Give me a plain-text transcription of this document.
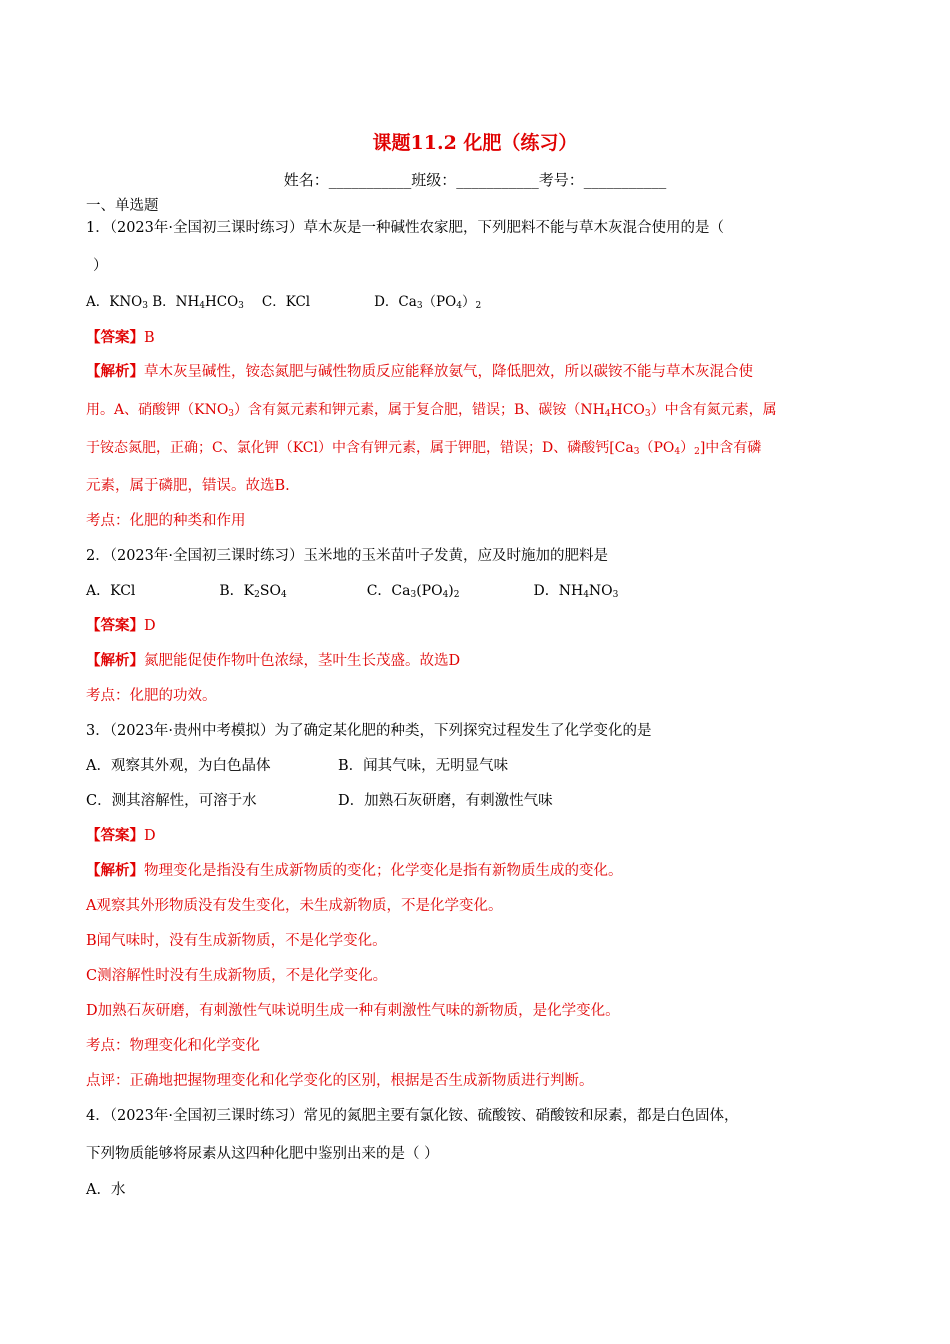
课题11.2 化肥（练习）
姓名：___________班级：___________考号：___________
一、单选题
1．（2023年·全国初三课时练习）草木灰是一种碱性农家肥，下列肥料不能与草木灰混合使用的是（
）
A．$KNO_3$ B．$NH_4HCO_3$ C．KCl	D．$Ca_3(PO_4)_2$
【答案】B
【解析】草木灰呈碱性，铵态氮肥与碱性物质反应能释放氨气，降低肥效，所以碳铵不能与草木灰混合使
用。A、硝酸钾$(KNO_3)$含有氮元素和钾元素，属于复合肥，错误；B、碳铵$(NH_4HCO_3)$中含有氮元素，属
于铵态氮肥，正确；C、氯化钾（KCl）中含有钾元素，属于钾肥，错误；D、磷酸钙$[Ca_3(PO_4)_2]$中含有磷
元素，属于磷肥，错误。故选B.
考点：化肥的种类和作用
2．（2023年·全国初三课时练习）玉米地的玉米苗叶子发黄，应及时施加的肥料是
A．KCl	B．$K_2SO_4$	C．$Ca_3(PO_4)_2$	D．$NH_4NO_3$
【答案】D
【解析】氮肥能促使作物叶色浓绿，茎叶生长茂盛。故选D
考点：化肥的功效。
3．（2023年·贵州中考模拟）为了确定某化肥的种类，下列探究过程发生了化学变化的是
A．观察其外观，为白色晶体	B．闻其气味，无明显气味
C．测其溶解性，可溶于水	D．加熟石灰研磨，有刺激性气味
【答案】D
【解析】物理变化是指没有生成新物质的变化；化学变化是指有新物质生成的变化。
A观察其外形物质没有发生变化，未生成新物质，不是化学变化。
B闻气味时，没有生成新物质，不是化学变化。
C测溶解性时没有生成新物质，不是化学变化。
D加熟石灰研磨，有刺激性气味说明生成一种有刺激性气味的新物质，是化学变化。
考点：物理变化和化学变化
点评：正确地把握物理变化和化学变化的区别，根据是否生成新物质进行判断。
4．（2023年·全国初三课时练习）常见的氮肥主要有氯化铵、硫酸铵、硝酸铵和尿素，都是白色固体，
下列物质能够将尿素从这四种化肥中鉴别出来的是（ ）
A．水
